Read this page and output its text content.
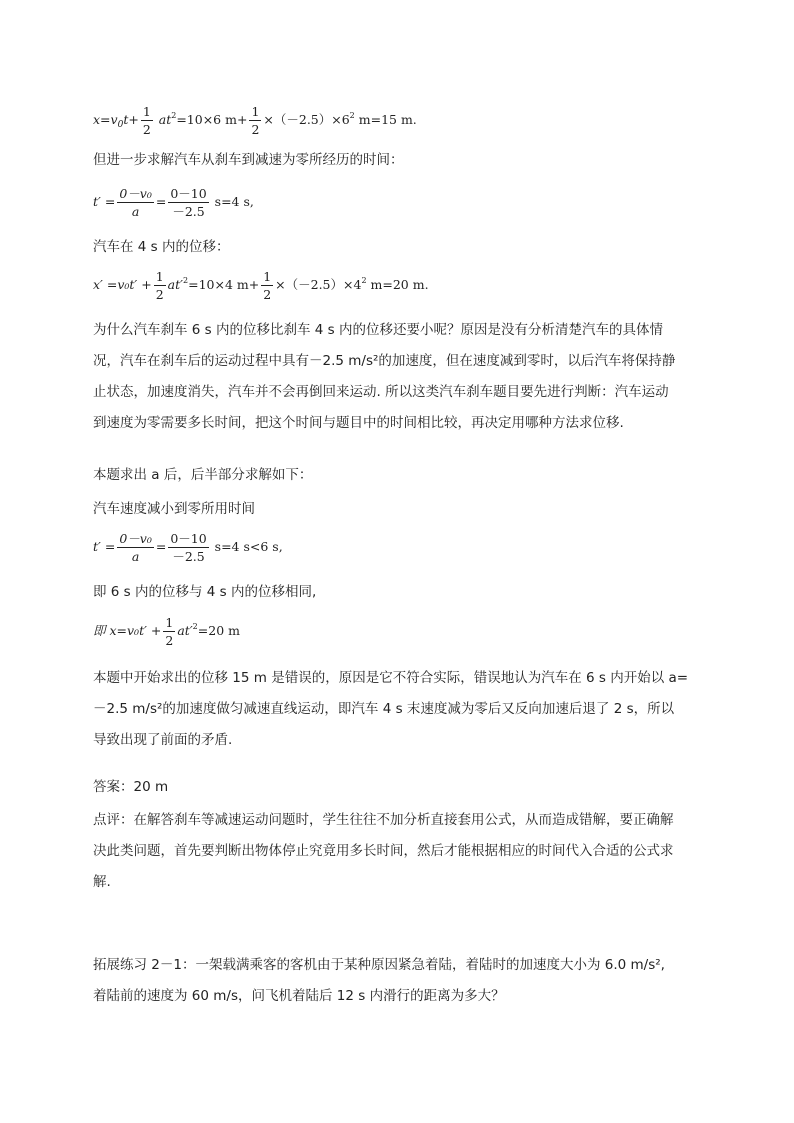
$x=v_0t+ \frac{1}{2} at^2=10\times 6$ $m+ \frac{1}{2} \times(-2.5)\times 6^2$ m=15 m.
但进一步求解汽车从刹车到减速为零所经历的时间：
$t' = \frac{\text{0－v₀}}{a} = \frac{0-10}{-2.5} s=4$ s,
汽车在 4 s 内的位移：
$x' =v_0t' + \frac{1}{2} at'^2=10\times 4$ $m+ \frac{1}{2} \times(-2.5)\times 4^2$ m=20 m.
为什么汽车刹车 6 s 内的位移比刹车 4 s 内的位移还要小呢？原因是没有分析清楚汽车的具体情
况，汽车在刹车后的运动过程中具有－2.5 m/s²的加速度，但在速度减到零时，以后汽车将保持静
止状态，加速度消失，汽车并不会再倒回来运动. 所以这类汽车刹车题目要先进行判断：汽车运动
到速度为零需要多长时间，把这个时间与题目中的时间相比较，再决定用哪种方法求位移.
本题求出 a 后，后半部分求解如下：
汽车速度减小到零所用时间
$t' = \frac{\text{0－v₀}}{a} = \frac{0-10}{-2.5} s=4$ s<6 s,
即 6 s 内的位移与 4 s 内的位移相同,
即 $x=v_0t' + \frac{1}{2} at'^2=20$ m
本题中开始求出的位移 15 m 是错误的，原因是它不符合实际，错误地认为汽车在 6 s 内开始以 a=
－2.5 m/s²的加速度做匀减速直线运动，即汽车 4 s 末速度减为零后又反向加速后退了 2 s，所以
导致出现了前面的矛盾.
答案：20 m
点评：在解答刹车等减速运动问题时，学生往往不加分析直接套用公式，从而造成错解，要正确解
决此类问题，首先要判断出物体停止究竟用多长时间，然后才能根据相应的时间代入合适的公式求
解.
拓展练习 2－1：一架载满乘客的客机由于某种原因紧急着陆，着陆时的加速度大小为 6.0 m/s²,
着陆前的速度为 60 m/s，问飞机着陆后 12 s 内滑行的距离为多大？
